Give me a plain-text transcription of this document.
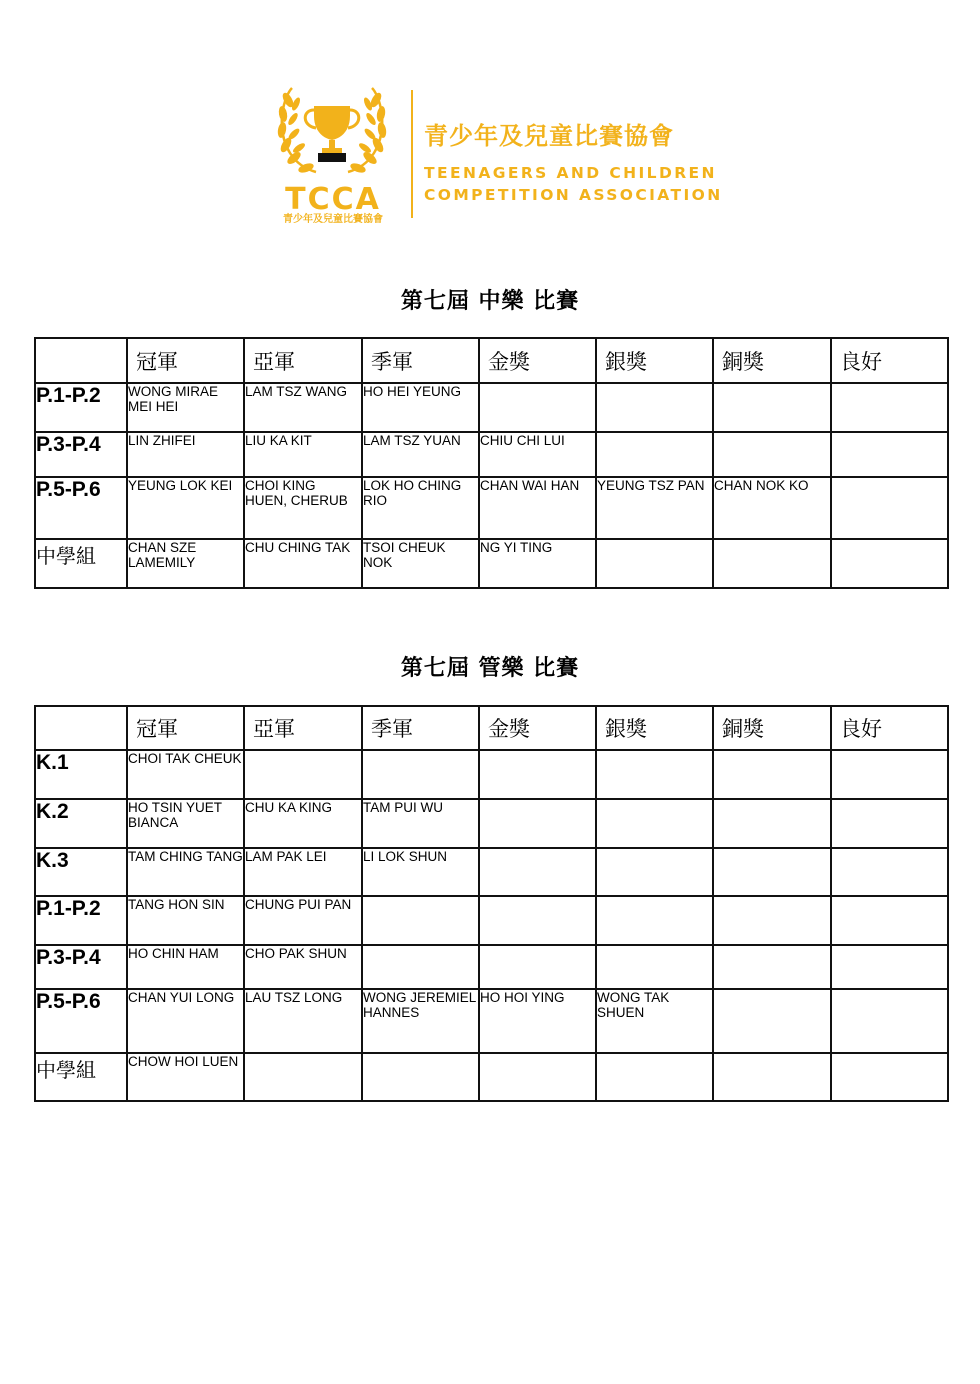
TCCA
青少年及兒童比賽協會
青少年及兒童比賽協會
TEENAGERS AND CHILDREN
COMPETITION ASSOCIATION
第七屆 中樂 比賽
	冠軍	亞軍	季軍	金獎	銀獎	銅獎	良好
P.1-P.2	WONG MIRAE MEI HEI	LAM TSZ WANG	HO HEI YEUNG				
P.3-P.4	LIN ZHIFEI	LIU KA KIT	LAM TSZ YUAN	CHIU CHI LUI			
P.5-P.6	YEUNG LOK KEI	CHOI KING HUEN, CHERUB	LOK HO CHING RIO	CHAN WAI HAN	YEUNG TSZ PAN	CHAN NOK KO	
中學組	CHAN SZE LAMEMILY	CHU CHING TAK	TSOI CHEUK NOK	NG YI TING			
第七屆 管樂 比賽
	冠軍	亞軍	季軍	金獎	銀獎	銅獎	良好
K.1	CHOI TAK CHEUK						
K.2	HO TSIN YUET BIANCA	CHU KA KING	TAM PUI WU				
K.3	TAM CHING TANG	LAM PAK LEI	LI LOK SHUN				
P.1-P.2	TANG HON SIN	CHUNG PUI PAN					
P.3-P.4	HO CHIN HAM	CHO PAK SHUN					
P.5-P.6	CHAN YUI LONG	LAU TSZ LONG	WONG JEREMIEL HANNES	HO HOI YING	WONG TAK SHUEN		
中學組	CHOW HOI LUEN						
